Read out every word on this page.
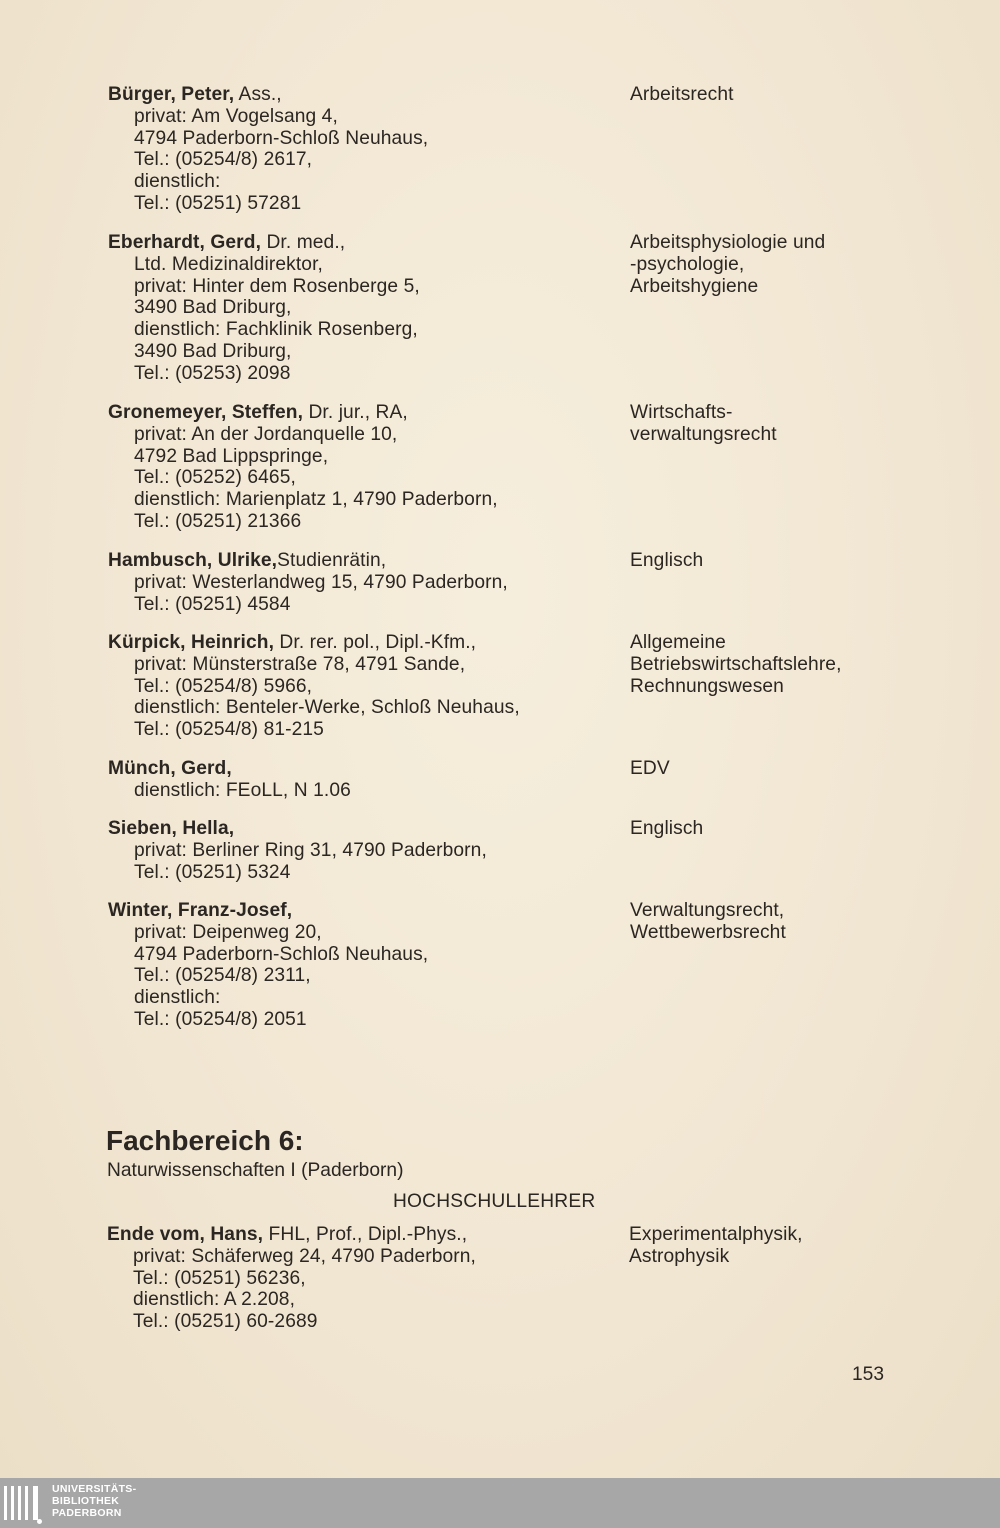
Bürger, Peter, Ass.,
privat: Am Vogelsang 4,
4794 Paderborn-Schloß Neuhaus,
Tel.: (05254/8) 2617,
dienstlich:
Tel.: (05251) 57281
Arbeitsrecht
Eberhardt, Gerd, Dr. med.,
Ltd. Medizinaldirektor,
privat: Hinter dem Rosenberge 5,
3490 Bad Driburg,
dienstlich: Fachklinik Rosenberg,
3490 Bad Driburg,
Tel.: (05253) 2098
Arbeitsphysiologie und
-psychologie,
Arbeitshygiene
Gronemeyer, Steffen, Dr. jur., RA,
privat: An der Jordanquelle 10,
4792 Bad Lippspringe,
Tel.: (05252) 6465,
dienstlich: Marienplatz 1, 4790 Paderborn,
Tel.: (05251) 21366
Wirtschafts-
verwaltungsrecht
Hambusch, Ulrike,Studienrätin,
privat: Westerlandweg 15, 4790 Paderborn,
Tel.: (05251) 4584
Englisch
Kürpick, Heinrich, Dr. rer. pol., Dipl.-Kfm.,
privat: Münsterstraße 78, 4791 Sande,
Tel.: (05254/8) 5966,
dienstlich: Benteler-Werke, Schloß Neuhaus,
Tel.: (05254/8) 81-215
Allgemeine
Betriebswirtschaftslehre,
Rechnungswesen
Münch, Gerd,
dienstlich: FEoLL, N 1.06
EDV
Sieben, Hella,
privat: Berliner Ring 31, 4790 Paderborn,
Tel.: (05251) 5324
Englisch
Winter, Franz-Josef,
privat: Deipenweg 20,
4794 Paderborn-Schloß Neuhaus,
Tel.: (05254/8) 2311,
dienstlich:
Tel.: (05254/8) 2051
Verwaltungsrecht,
Wettbewerbsrecht
Fachbereich 6:
Naturwissenschaften I (Paderborn)
HOCHSCHULLEHRER
Ende vom, Hans, FHL, Prof., Dipl.-Phys.,
privat: Schäferweg 24, 4790 Paderborn,
Tel.: (05251) 56236,
dienstlich: A 2.208,
Tel.: (05251) 60-2689
Experimentalphysik,
Astrophysik
153
UNIVERSITÄTS-
BIBLIOTHEK
PADERBORN
